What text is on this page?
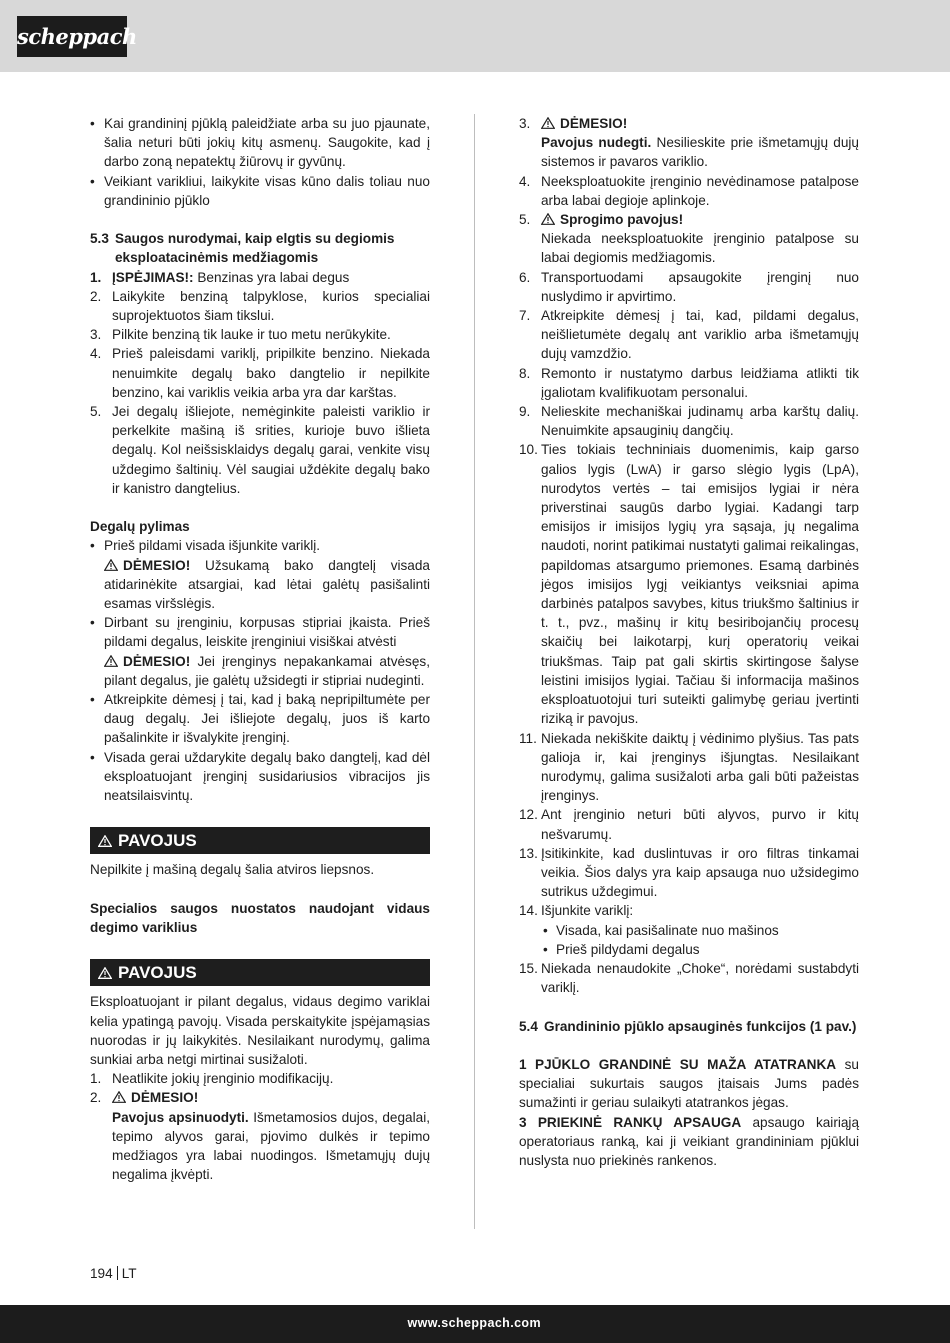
scheppach
• Kai grandininį pjūklą paleidžiate arba su juo pjaunate, šalia neturi būti jokių kitų asmenų. Saugokite, kad į darbo zoną nepatektų žiūrovų ir gyvūnų.
• Veikiant varikliui, laikykite visas kūno dalis toliau nuo grandininio pjūklo
5.3 Saugos nurodymai, kaip elgtis su degiomis eksploatacinėmis medžiagomis
1. ĮSPĖJIMAS!: Benzinas yra labai degus
2. Laikykite benziną talpyklose, kurios specialiai suprojektuotos šiam tikslui.
3. Pilkite benziną tik lauke ir tuo metu nerūkykite.
4. Prieš paleisdami variklį, pripilkite benzino. Niekada nenuimkite degalų bako dangtelio ir nepilkite benzino, kai variklis veikia arba yra dar karštas.
5. Jei degalų išliejote, nemėginkite paleisti variklio ir perkelkite mašiną iš srities, kurioje buvo išlieta degalų. Kol neišsisklaidys degalų garai, venkite visų uždegimo šaltinių. Vėl saugiai uždėkite degalų bako ir kanistro dangtelius.

Degalų pylimas

• Prieš pildami visada išjunkite variklį.
DĖMESIO! Užsukamą bako dangtelį visada atidarinėkite atsargiai, kad lėtai galėtų pasišalinti esamas viršslėgis.
• Dirbant su įrenginiu, korpusas stipriai įkaista. Prieš pildami degalus, leiskite įrenginiui visiškai atvėsti
DĖMESIO! Jei įrenginys nepakankamai atvėsęs, pilant degalus, jie galėtų užsidegti ir stipriai nudeginti.
• Atkreipkite dėmesį į tai, kad į baką nepripiltumėte per daug degalų. Jei išliejote degalų, juos iš karto pašalinkite ir išvalykite įrenginį.
• Visada gerai uždarykite degalų bako dangtelį, kad dėl eksploatuojant įrenginį susidariusios vibracijos jis neatsilaisvintų.
PAVOJUS

Nepilkite į mašiną degalų šalia atviros liepsnos.

Specialios saugos nuostatos naudojant vidaus degimo variklius

PAVOJUS

Eksploatuojant ir pilant degalus, vidaus degimo variklai kelia ypatingą pavojų. Visada perskaitykite įspėjamąsias nuorodas ir jų laikykitės. Nesilaikant nurodymų, galima sunkiai arba netgi mirtinai susižaloti.

1. Neatlikite jokių įrenginio modifikacijų.
2. DĖMESIO!
Pavojus apsinuodyti. Išmetamosios dujos, degalai, tepimo alyvos garai, pjovimo dulkės ir tepimo medžiagos yra labai nuodingos. Išmetamųjų dujų negalima įkvėpti.
3. DĖMESIO!
Pavojus nudegti. Nesilieskite prie išmetamųjų dujų sistemos ir pavaros variklio.
4. Neeksploatuokite įrenginio nevėdinamose patalpose arba labai degioje aplinkoje.
5. Sprogimo pavojus!
Niekada neeksploatuokite įrenginio patalpose su labai degiomis medžiagomis.
6. Transportuodami apsaugokite įrenginį nuo nuslydimo ir apvirtimo.
7. Atkreipkite dėmesį į tai, kad, pildami degalus, neišlietumėte degalų ant variklio arba išmetamųjų dujų vamzdžio.
8. Remonto ir nustatymo darbus leidžiama atlikti tik įgaliotam kvalifikuotam personalui.
9. Nelieskite mechaniškai judinamų arba karštų dalių. Nenuimkite apsauginių dangčių.
10. Ties tokiais techniniais duomenimis, kaip garso galios lygis (LwA) ir garso slėgio lygis (LpA), nurodytos vertės – tai emisijos lygiai ir nėra priverstinai saugūs darbo lygiai. Kadangi tarp emisijos ir imisijos lygių yra sąsaja, jų negalima naudoti, norint patikimai nustatyti galimai reikalingas, papildomas atsargumo priemones. Esamą darbinės jėgos imisijos lygį veikiantys veiksniai apima darbinės patalpos savybes, kitus triukšmo šaltinius ir t. t., pvz., mašinų ir kitų besiribojančių procesų skaičių bei laikotarpį, kurį operatorių veikai triukšmas. Taip pat gali skirtis skirtingose šalyse leistini imisijos lygiai. Tačiau ši informacija mašinos eksploatuotojui turi suteikti galimybę geriau įvertinti riziką ir pavojus.
11. Niekada nekiškite daiktų į vėdinimo plyšius. Tas pats galioja ir, kai įrenginys išjungtas. Nesilaikant nurodymų, galima susižaloti arba gali būti pažeistas įrenginys.
12. Ant įrenginio neturi būti alyvos, purvo ir kitų nešvarumų.
13. Įsitikinkite, kad duslintuvas ir oro filtras tinkamai veikia. Šios dalys yra kaip apsauga nuo užsidegimo sutrikus uždegimui.
14. Išjunkite variklį:
• Visada, kai pasišalinate nuo mašinos
• Prieš pildydami degalus
15. Niekada nenaudokite „Choke“, norėdami sustabdyti variklį.
5.4 Grandininio pjūklo apsauginės funkcijos (1 pav.)

1 PJŪKLO GRANDINĖ SU MAŽA ATATRANKA su specialiai sukurtais saugos įtaisais Jums padės sumažinti ir geriau sulaikyti atatrankos jėgas.

3 PRIEKINĖ RANKŲ APSAUGA apsaugo kairiąją operatoriaus ranką, kai ji veikiant grandininiam pjūklui nuslysta nuo priekinės rankenos.

194 LT
www.scheppach.com
